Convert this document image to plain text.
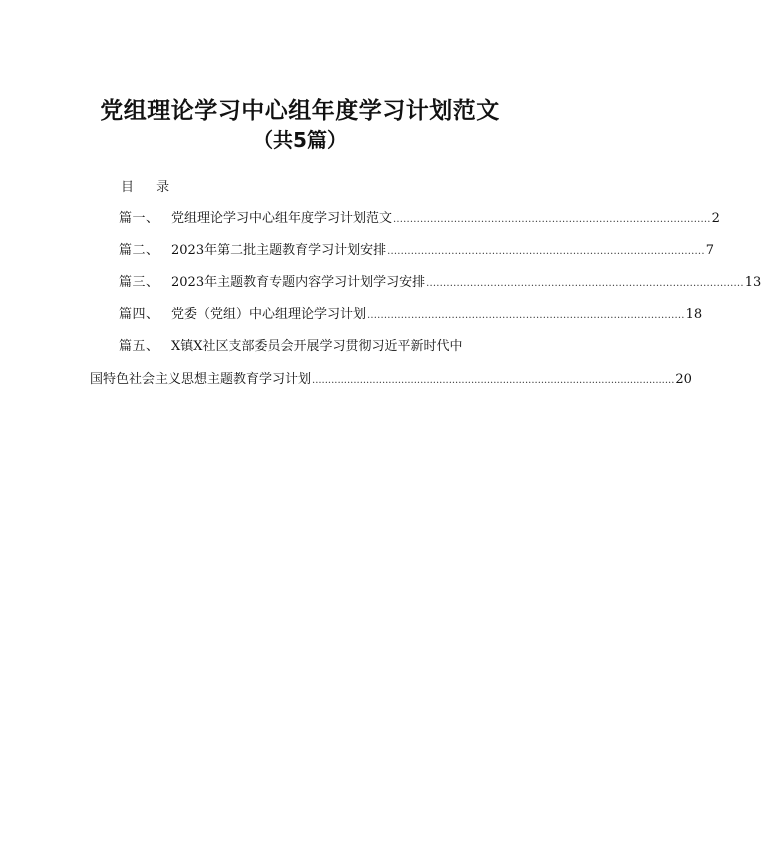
党组理论学习中心组年度学习计划范文
（共5篇）
目 录
篇一、 党组理论学习中心组年度学习计划范文 .............................................................................................. 2
篇二、 2023年第二批主题教育学习计划安排 .............................................................................................. 7
篇三、 2023年主题教育专题内容学习计划学习安排 .............................................................................................. 13
篇四、 党委（党组）中心组理论学习计划 .............................................................................................. 18
篇五、 X镇X社区支部委员会开展学习贯彻习近平新时代中
国特色社会主义思想主题教育学习计划 .................................................................................................................. 20
